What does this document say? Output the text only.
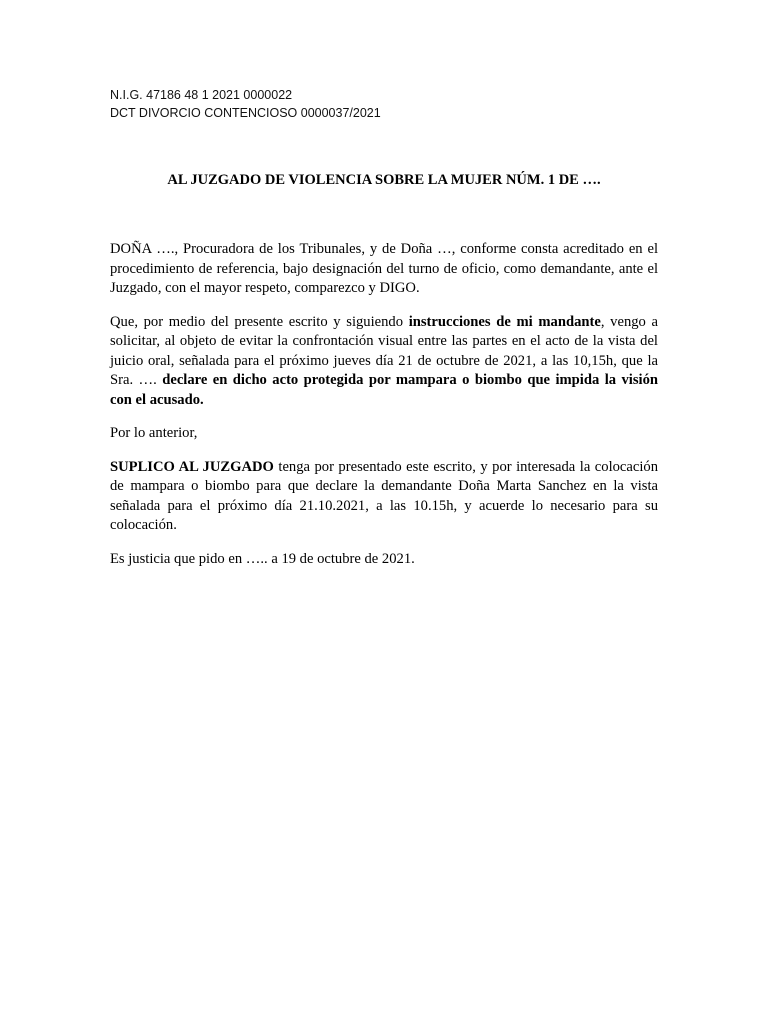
N.I.G. 47186 48 1 2021 0000022
DCT DIVORCIO CONTENCIOSO 0000037/2021
AL JUZGADO DE VIOLENCIA SOBRE LA MUJER NÚM. 1 DE ….

DOÑA …., Procuradora de los Tribunales, y de Doña …, conforme consta acreditado en el procedimiento de referencia, bajo designación del turno de oficio, como demandante, ante el Juzgado, con el mayor respeto, comparezco y DIGO.

Que, por medio del presente escrito y siguiendo instrucciones de mi mandante, vengo a solicitar, al objeto de evitar la confrontación visual entre las partes en el acto de la vista del juicio oral, señalada para el próximo jueves día 21 de octubre de 2021, a las 10,15h, que la Sra. …. declare en dicho acto protegida por mampara o biombo que impida la visión con el acusado.

Por lo anterior,

SUPLICO AL JUZGADO tenga por presentado este escrito, y por interesada la colocación de mampara o biombo para que declare la demandante Doña Marta Sanchez en la vista señalada para el próximo día 21.10.2021, a las 10.15h, y acuerde lo necesario para su colocación.

Es justicia que pido en ….. a 19 de octubre de 2021.
